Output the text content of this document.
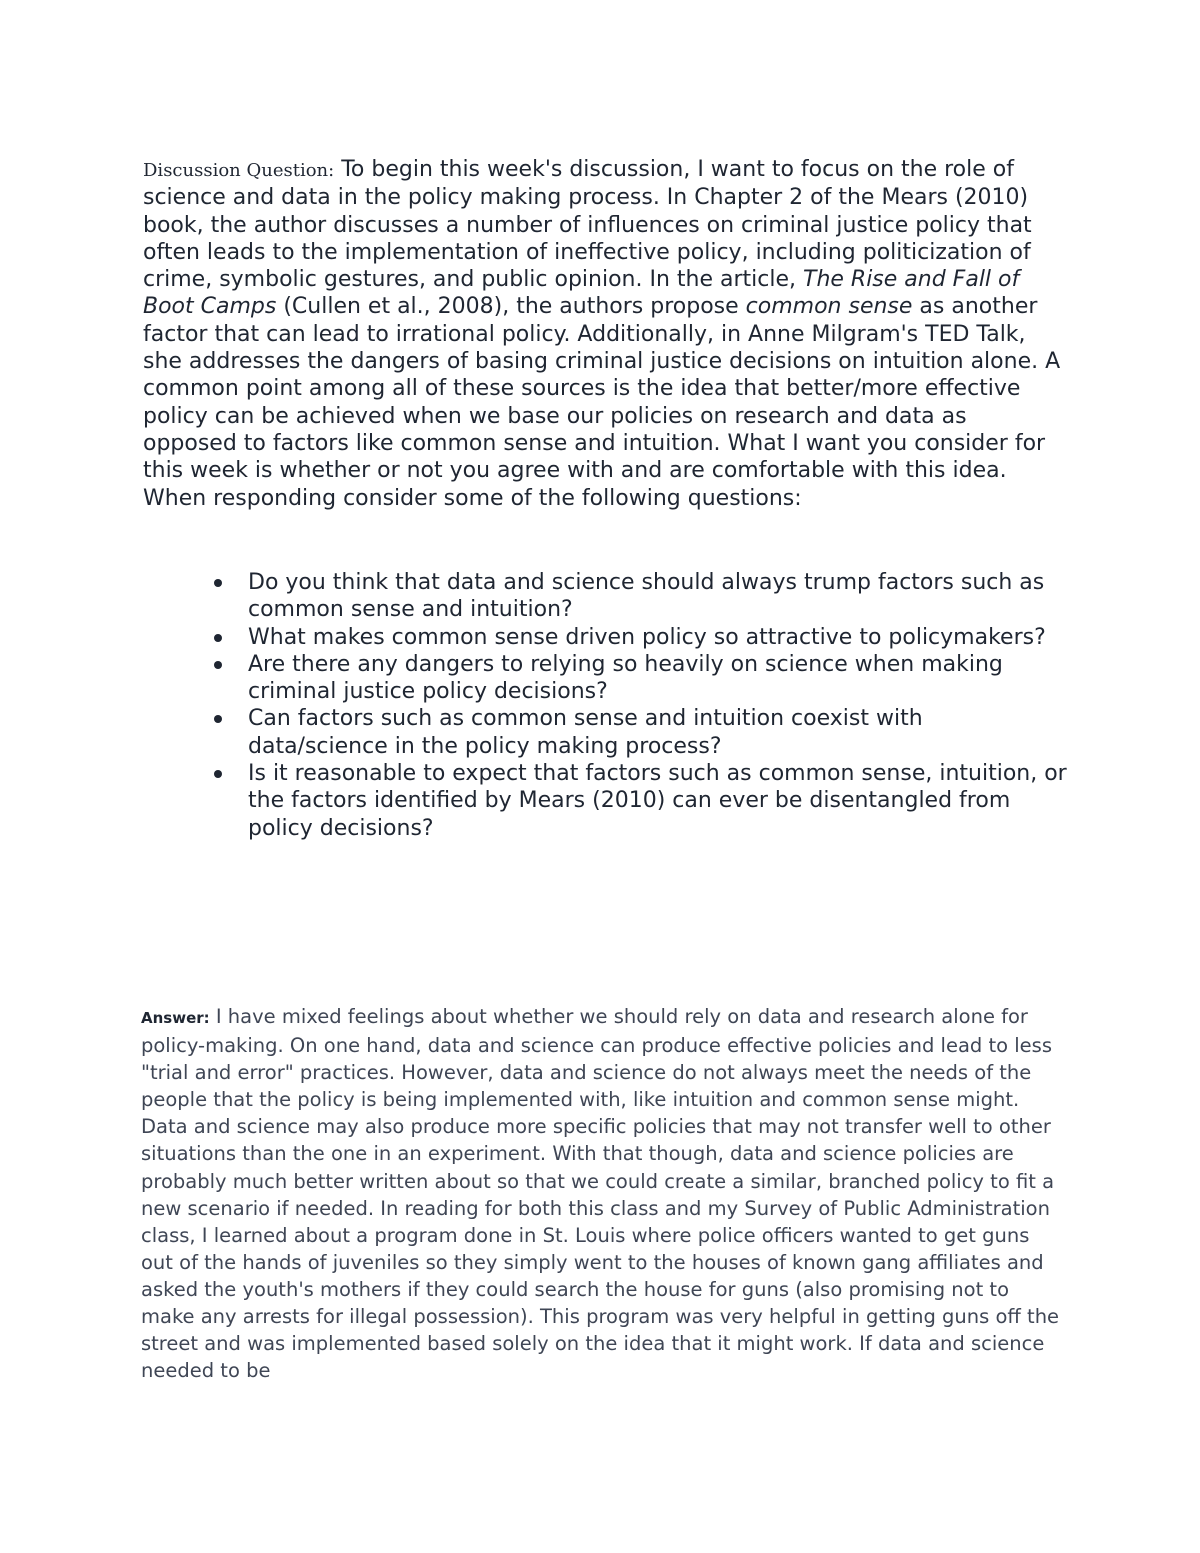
Discussion Question: To begin this week's discussion, I want to focus on the role of science and data in the policy making process. In Chapter 2 of the Mears (2010) book, the author discusses a number of influences on criminal justice policy that often leads to the implementation of ineffective policy, including politicization of crime, symbolic gestures, and public opinion. In the article, The Rise and Fall of Boot Camps (Cullen et al., 2008), the authors propose common sense as another factor that can lead to irrational policy. Additionally, in Anne Milgram's TED Talk, she addresses the dangers of basing criminal justice decisions on intuition alone. A common point among all of these sources is the idea that better/more effective policy can be achieved when we base our policies on research and data as opposed to factors like common sense and intuition. What I want you consider for this week is whether or not you agree with and are comfortable with this idea. When responding consider some of the following questions:

Do you think that data and science should always trump factors such as common sense and intuition?
What makes common sense driven policy so attractive to policymakers?
Are there any dangers to relying so heavily on science when making criminal justice policy decisions?
Can factors such as common sense and intuition coexist with data/science in the policy making process?
Is it reasonable to expect that factors such as common sense, intuition, or the factors identified by Mears (2010) can ever be disentangled from policy decisions?

Answer: I have mixed feelings about whether we should rely on data and research alone for policy-making. On one hand, data and science can produce effective policies and lead to less "trial and error" practices. However, data and science do not always meet the needs of the people that the policy is being implemented with, like intuition and common sense might. Data and science may also produce more specific policies that may not transfer well to other situations than the one in an experiment. With that though, data and science policies are probably much better written about so that we could create a similar, branched policy to fit a new scenario if needed. In reading for both this class and my Survey of Public Administration class, I learned about a program done in St. Louis where police officers wanted to get guns out of the hands of juveniles so they simply went to the houses of known gang affiliates and asked the youth's mothers if they could search the house for guns (also promising not to make any arrests for illegal possession). This program was very helpful in getting guns off the street and was implemented based solely on the idea that it might work. If data and science needed to be
